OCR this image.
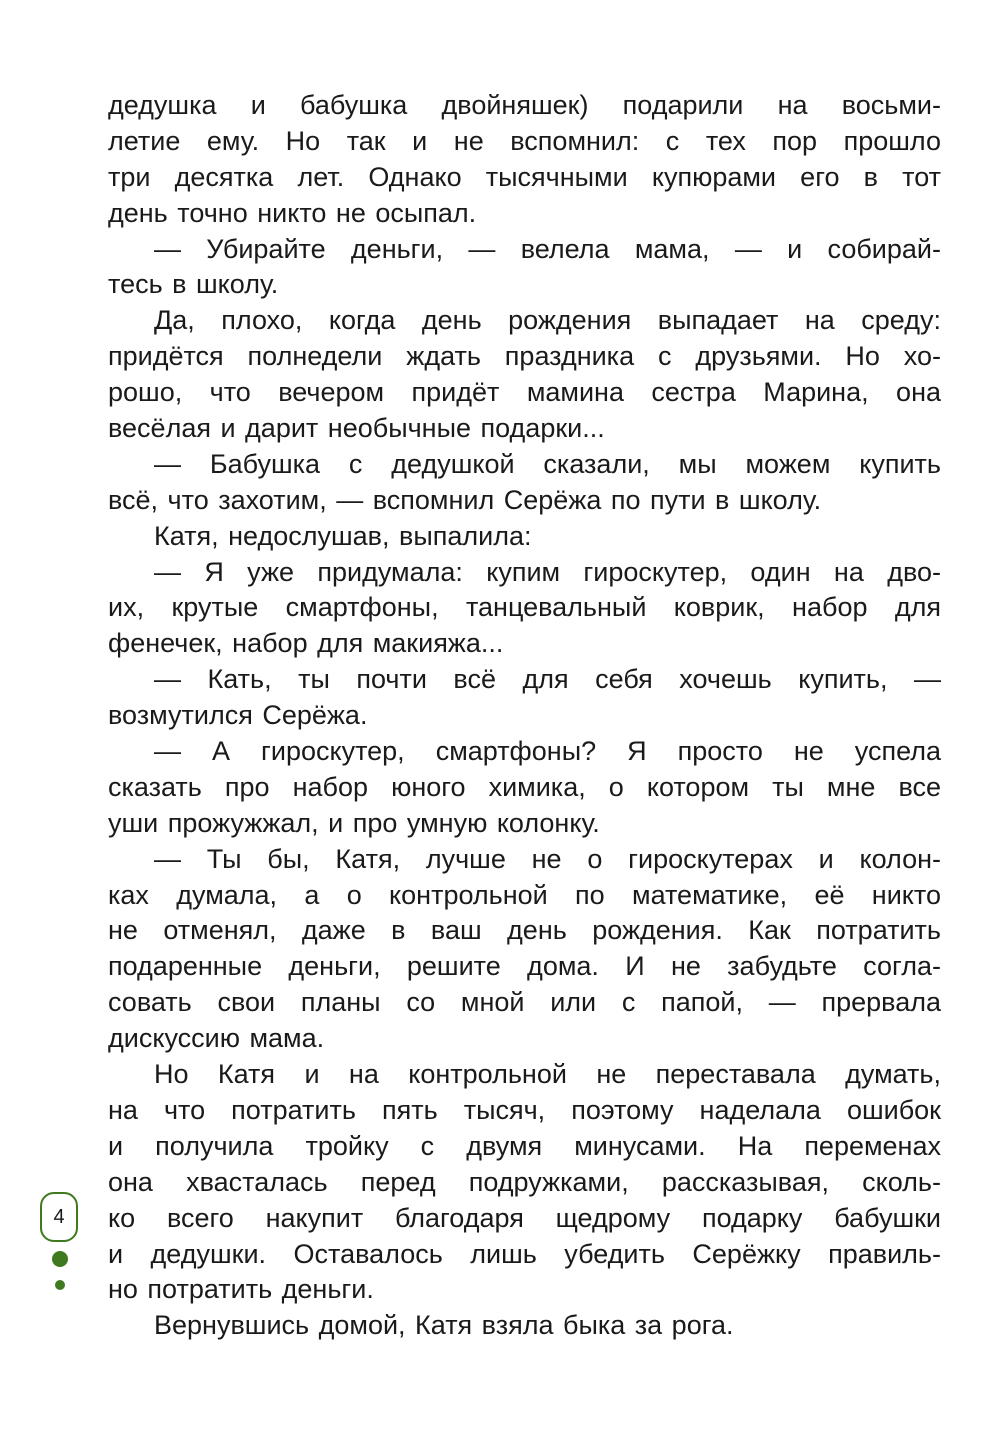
дедушка и бабушка двойняшек) подарили на восьми-
летие ему. Но так и не вспомнил: с тех пор прошло
три десятка лет. Однако тысячными купюрами его в тот
день точно никто не осыпал.
— Убирайте деньги, — велела мама, — и собирай-
тесь в школу.
Да, плохо, когда день рождения выпадает на среду:
придётся полнедели ждать праздника с друзьями. Но хо-
рошо, что вечером придёт мамина сестра Марина, она
весёлая и дарит необычные подарки...
— Бабушка с дедушкой сказали, мы можем купить
всё, что захотим, — вспомнил Серёжа по пути в школу.
Катя, недослушав, выпалила:
— Я уже придумала: купим гироскутер, один на дво-
их, крутые смартфоны, танцевальный коврик, набор для
фенечек, набор для макияжа...
— Кать, ты почти всё для себя хочешь купить, —
возмутился Серёжа.
— А гироскутер, смартфоны? Я просто не успела
сказать про набор юного химика, о котором ты мне все
уши прожужжал, и про умную колонку.
— Ты бы, Катя, лучше не о гироскутерах и колон-
ках думала, а о контрольной по математике, её никто
не отменял, даже в ваш день рождения. Как потратить
подаренные деньги, решите дома. И не забудьте согла-
совать свои планы со мной или с папой, — прервала
дискуссию мама.
Но Катя и на контрольной не переставала думать,
на что потратить пять тысяч, поэтому наделала ошибок
и получила тройку с двумя минусами. На переменах
она хвасталась перед подружками, рассказывая, сколь-
ко всего накупит благодаря щедрому подарку бабушки
и дедушки. Оставалось лишь убедить Серёжку правиль-
но потратить деньги.
Вернувшись домой, Катя взяла быка за рога.
4
